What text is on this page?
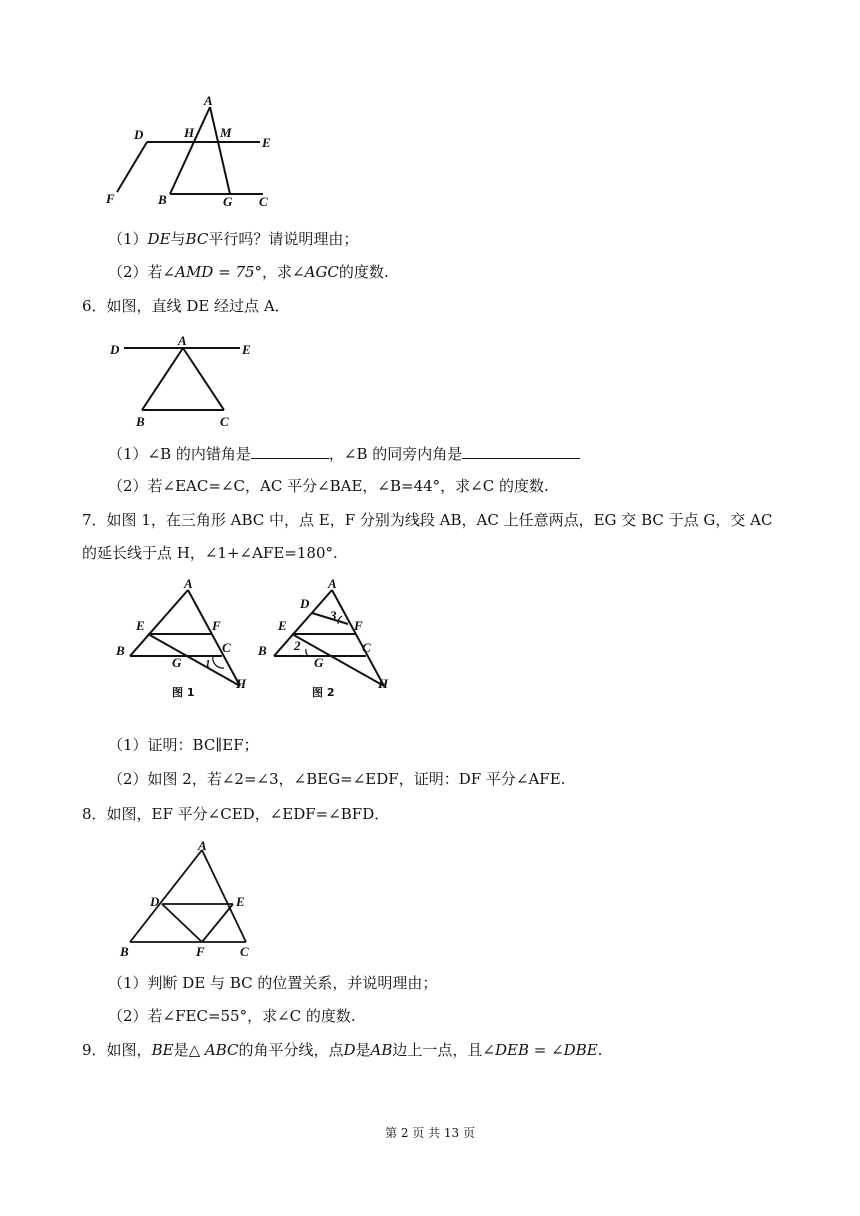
A
D	H M
E
F	B	G C
（1）DE与BC平行吗？请说明理由；
（2）若∠AMD = 75°，求∠AGC的度数.
6．如图，直线 DE 经过点 A．
D
A
E
B	C
（1）∠B 的内错角是	，∠B 的同旁内角是
（2）若∠EAC=∠C，AC 平分∠BAE，∠B=44°，求∠C 的度数.
7．如图 1，在三角形 ABC 中，点 E，F 分别为线段 AB，AC 上任意两点，EG 交 BC 于点 G，交 AC
的延长线于点 H，∠1+∠AFE=180°.
A
E	F
B
G
C
1
H
图 1
A
D
3
E	F
B 2
G
C
H
图 2
（1）证明：BC∥EF；
（2）如图 2，若∠2=∠3，∠BEG=∠EDF，证明：DF 平分∠AFE.
8．如图，EF 平分∠CED，∠EDF=∠BFD．
A
D	E
B	F	C
（1）判断 DE 与 BC 的位置关系，并说明理由；
（2）若∠FEC=55°，求∠C 的度数.
9．如图，BE是△ ABC的角平分线，点D是AB边上一点，且∠DEB = ∠DBE.
第 2 页 共 13 页
